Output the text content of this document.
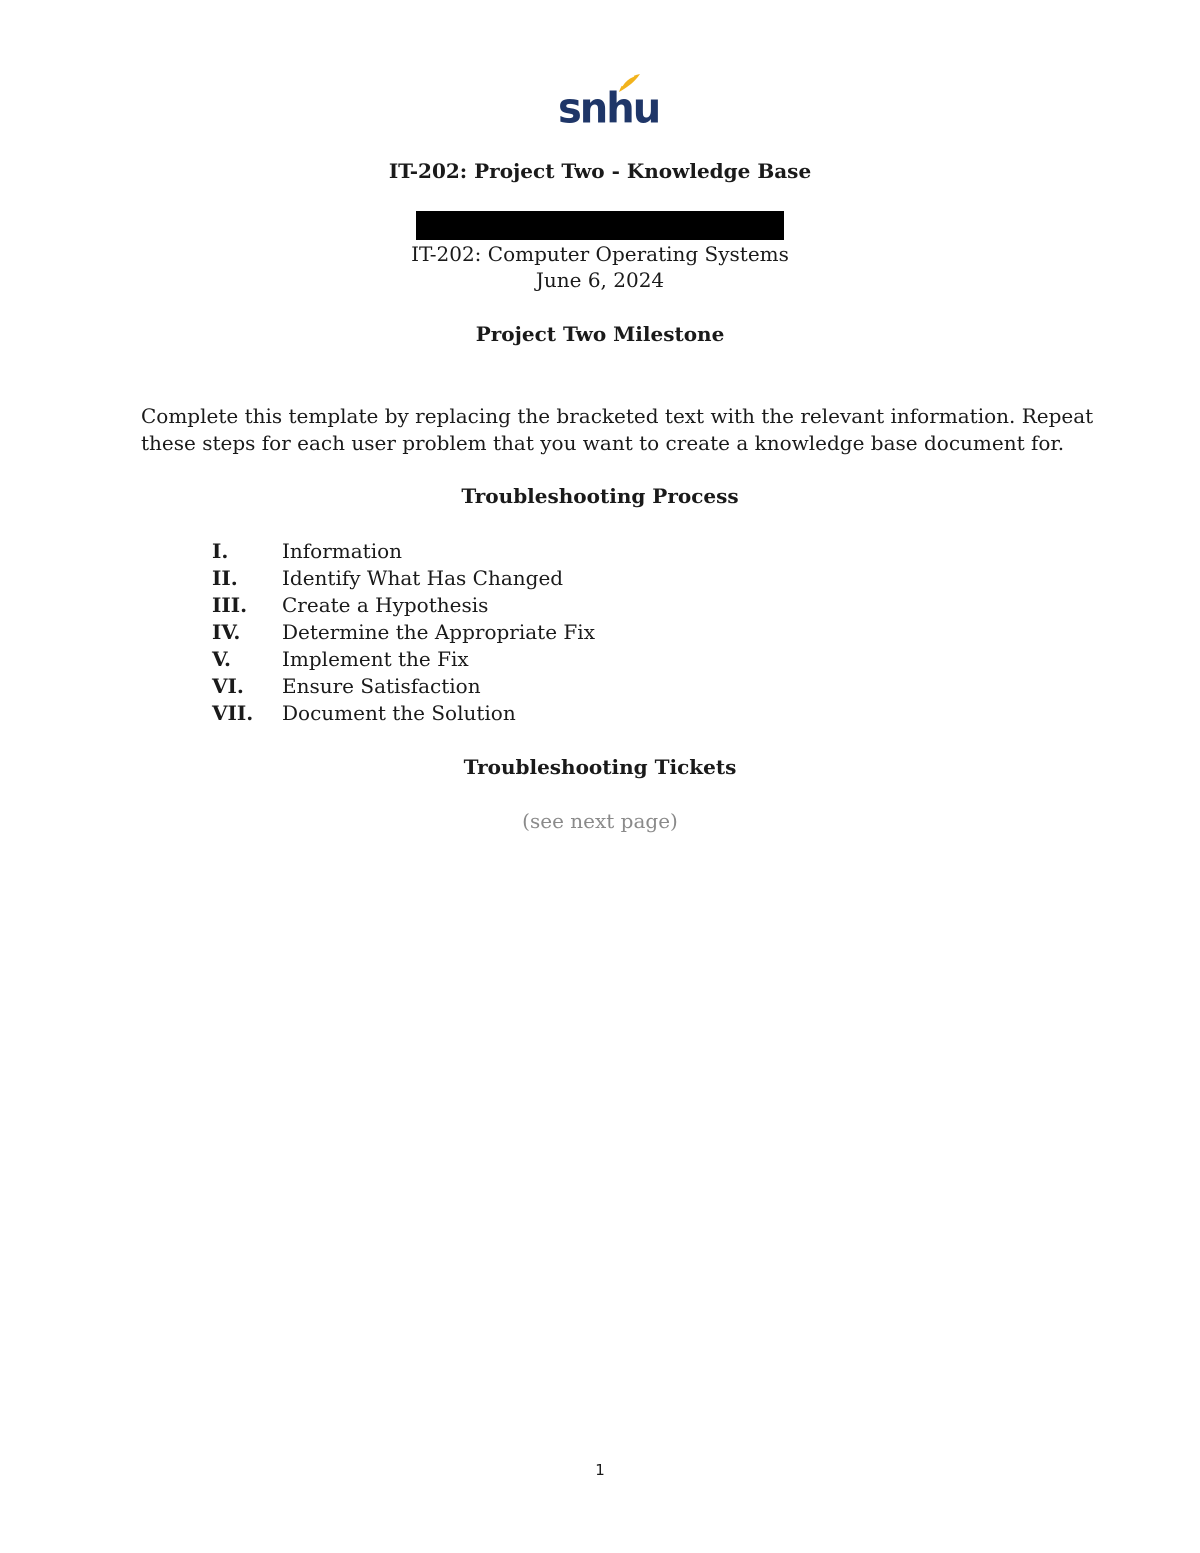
snhu
IT-202: Project Two - Knowledge Base
IT-202: Computer Operating Systems
June 6, 2024
Project Two Milestone

Complete this template by replacing the bracketed text with the relevant information. Repeat

these steps for each user problem that you want to create a knowledge base document for.

Troubleshooting Process
I.	Information
II. Identify What Has Changed
III. Create a Hypothesis
IV. Determine the Appropriate Fix
V.	Implement the Fix
VI. Ensure Satisfaction
VII. Document the Solution
Troubleshooting Tickets
(see next page)
1
